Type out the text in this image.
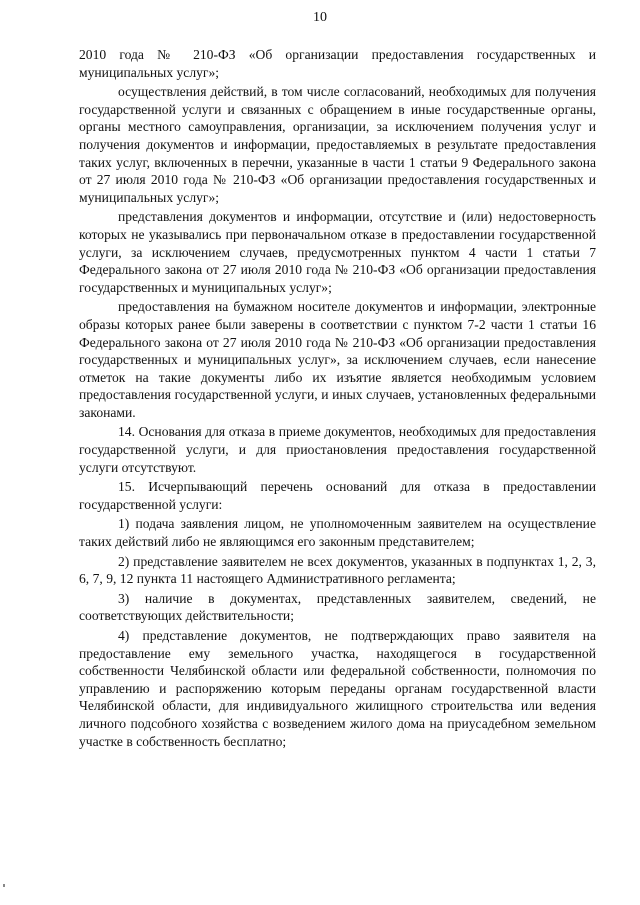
10

2010 года № 210-ФЗ «Об организации предоставления государственных и муниципальных услуг»;

осуществления действий, в том числе согласований, необходимых для получения государственной услуги и связанных с обращением в иные государственные органы, органы местного самоуправления, организации, за исключением получения услуг и получения документов и информации, предоставляемых в результате предоставления таких услуг, включенных в перечни, указанные в части 1 статьи 9 Федерального закона от 27 июля 2010 года № 210-ФЗ «Об организации предоставления государственных и муниципальных услуг»;

представления документов и информации, отсутствие и (или) недостоверность которых не указывались при первоначальном отказе в предоставлении государственной услуги, за исключением случаев, предусмотренных пунктом 4 части 1 статьи 7 Федерального закона от 27 июля 2010 года № 210-ФЗ «Об организации предоставления государственных и муниципальных услуг»;

предоставления на бумажном носителе документов и информации, электронные образы которых ранее были заверены в соответствии с пунктом 7-2 части 1 статьи 16 Федерального закона от 27 июля 2010 года № 210-ФЗ «Об организации предоставления государственных и муниципальных услуг», за исключением случаев, если нанесение отметок на такие документы либо их изъятие является необходимым условием предоставления государственной услуги, и иных случаев, установленных федеральными законами.

14. Основания для отказа в приеме документов, необходимых для предоставления государственной услуги, и для приостановления предоставления государственной услуги отсутствуют.

15. Исчерпывающий перечень оснований для отказа в предоставлении государственной услуги:

1) подача заявления лицом, не уполномоченным заявителем на осуществление таких действий либо не являющимся его законным представителем;

2) представление заявителем не всех документов, указанных в подпунктах 1, 2, 3, 6, 7, 9, 12 пункта 11 настоящего Административного регламента;

3) наличие в документах, представленных заявителем, сведений, не соответствующих действительности;

4) представление документов, не подтверждающих право заявителя на предоставление ему земельного участка, находящегося в государственной собственности Челябинской области или федеральной собственности, полномочия по управлению и распоряжению которым переданы органам государственной власти Челябинской области, для индивидуального жилищного строительства или ведения личного подсобного хозяйства с возведением жилого дома на приусадебном земельном участке в собственность бесплатно;
